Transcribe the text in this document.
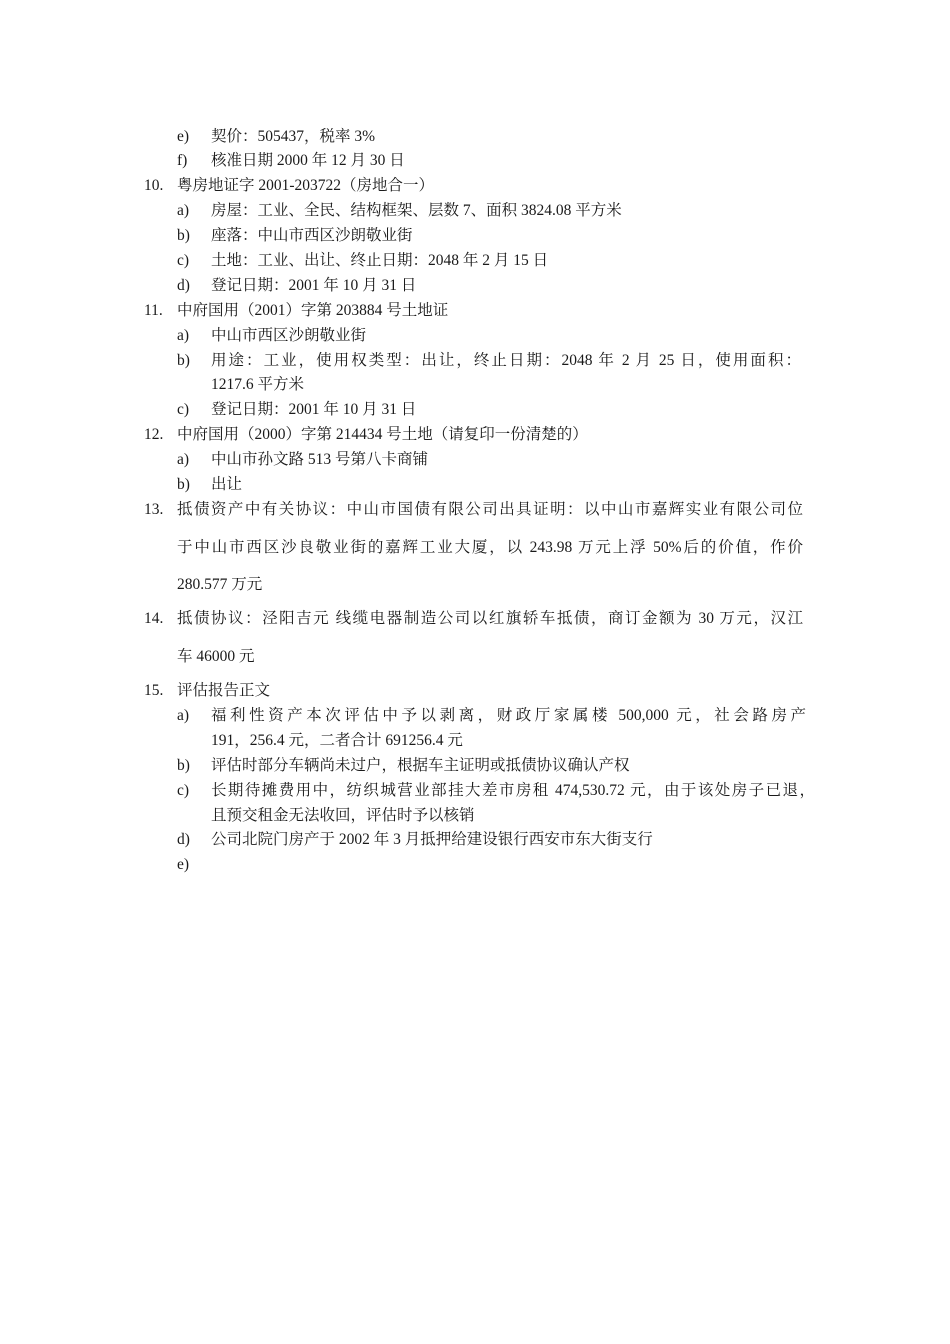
e) 契价：505437，税率 3%
f) 核准日期 2000 年 12 月 30 日
10. 粤房地证字 2001-203722（房地合一）
a) 房屋：工业、全民、结构框架、层数 7、面积 3824.08 平方米
b) 座落：中山市西区沙朗敬业街
c) 土地：工业、出让、终止日期：2048 年 2 月 15 日
d) 登记日期：2001 年 10 月 31 日
11. 中府国用（2001）字第 203884 号土地证
a) 中山市西区沙朗敬业街
b) 用途：工业，使用权类型：出让，终止日期：2048 年 2 月 25 日，使用面积：
1217.6 平方米
c) 登记日期：2001 年 10 月 31 日
12. 中府国用（2000）字第 214434 号土地（请复印一份清楚的）
a) 中山市孙文路 513 号第八卡商铺
b) 出让
13. 抵债资产中有关协议：中山市国债有限公司出具证明：以中山市嘉辉实业有限公司位
于中山市西区沙良敬业街的嘉辉工业大厦，以 243.98 万元上浮 50%后的价值，作价
280.577 万元
14. 抵债协议：泾阳吉元 线缆电器制造公司以红旗轿车抵债，商订金额为 30 万元，汉江
车 46000 元
15. 评估报告正文
a) 福利性资产本次评估中予以剥离，财政厅家属楼 500,000 元，社会路房产
191，256.4 元，二者合计 691256.4 元
b) 评估时部分车辆尚未过户，根据车主证明或抵债协议确认产权
c) 长期待摊费用中，纺织城营业部挂大差市房租 474,530.72 元，由于该处房子已退，
且预交租金无法收回，评估时予以核销
d) 公司北院门房产于 2002 年 3 月抵押给建设银行西安市东大街支行
e)
